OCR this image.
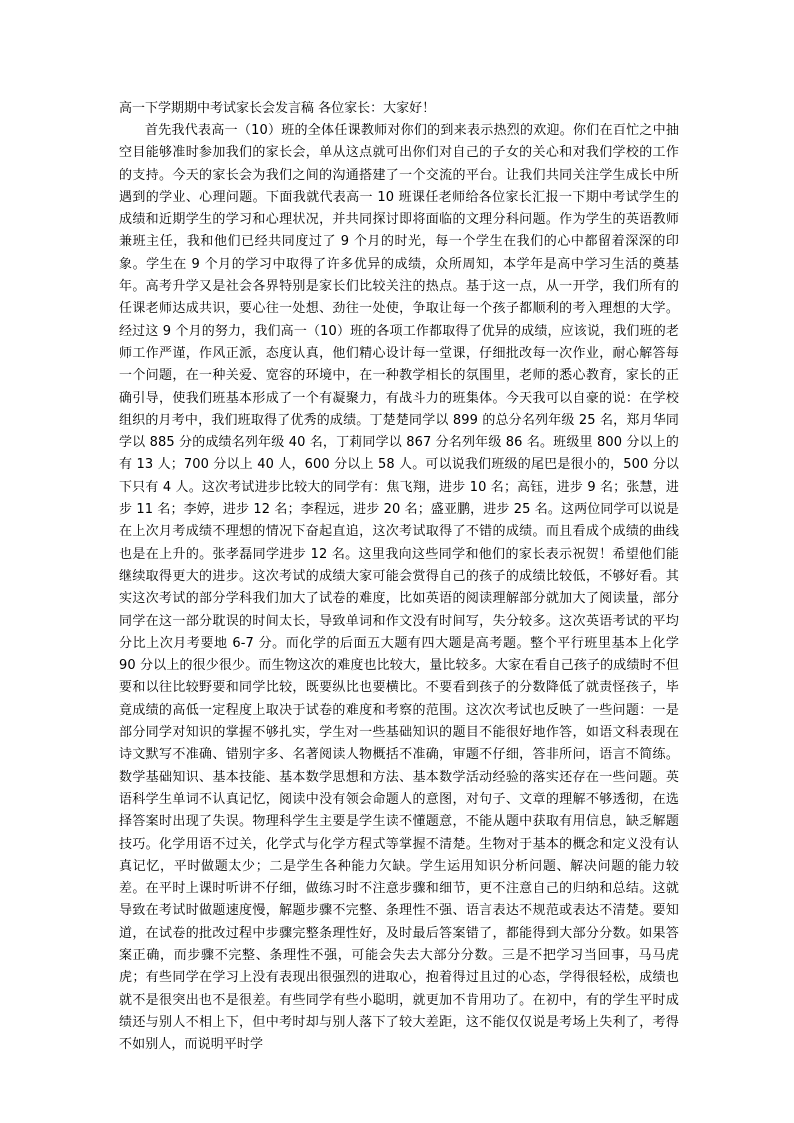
高一下学期期中考试家长会发言稿 各位家长：大家好！

首先我代表高一（10）班的全体任课教师对你们的到来表示热烈的欢迎。你们在百忙之中抽空目能够准时参加我们的家长会，单从这点就可出你们对自己的子女的关心和对我们学校的工作的支持。今天的家长会为我们之间的沟通搭建了一个交流的平台。让我们共同关注学生成长中所遇到的学业、心理问题。下面我就代表高一 10 班课任老师给各位家长汇报一下期中考试学生的成绩和近期学生的学习和心理状况，并共同探讨即将面临的文理分科问题。作为学生的英语教师兼班主任，我和他们已经共同度过了 9 个月的时光，每一个学生在我们的心中都留着深深的印象。学生在 9 个月的学习中取得了许多优异的成绩，众所周知，本学年是高中学习生活的奠基年。高考升学又是社会各界特别是家长们比较关注的热点。基于这一点，从一开学，我们所有的任课老师达成共识，要心往一处想、劲往一处使，争取让每一个孩子都顺利的考入理想的大学。经过这 9 个月的努力，我们高一（10）班的各项工作都取得了优异的成绩，应该说，我们班的老师工作严谨，作风正派，态度认真，他们精心设计每一堂课，仔细批改每一次作业，耐心解答每一个问题，在一种关爱、宽容的环境中，在一种教学相长的氛围里，老师的悉心教育，家长的正确引导，使我们班基本形成了一个有凝聚力，有战斗力的班集体。今天我可以自豪的说：在学校组织的月考中，我们班取得了优秀的成绩。丁楚楚同学以 899 的总分名列年级 25 名，郑月华同学以 885 分的成绩名列年级 40 名，丁莉同学以 867 分名列年级 86 名。班级里 800 分以上的有 13 人；700 分以上 40 人，600 分以上 58 人。可以说我们班级的尾巴是很小的，500 分以下只有 4 人。这次考试进步比较大的同学有：焦飞翔，进步 10 名；高钰，进步 9 名；张慧，进步 11 名；李婷，进步 12 名；李程远，进步 20 名；盛亚鹏，进步 25 名。这两位同学可以说是在上次月考成绩不理想的情况下奋起直追，这次考试取得了不错的成绩。而且看成个成绩的曲线也是在上升的。张孝磊同学进步 12 名。这里我向这些同学和他们的家长表示祝贺！希望他们能继续取得更大的进步。这次考试的成绩大家可能会赏得自己的孩子的成绩比较低，不够好看。其实这次考试的部分学科我们加大了试卷的难度，比如英语的阅读理解部分就加大了阅读量，部分同学在这一部分耽误的时间太长，导致单词和作文没有时间写，失分较多。这次英语考试的平均分比上次月考要地 6-7 分。而化学的后面五大题有四大题是高考题。整个平行班里基本上化学 90 分以上的很少很少。而生物这次的难度也比较大，量比较多。大家在看自己孩子的成绩时不但要和以往比较野要和同学比较，既要纵比也要横比。不要看到孩子的分数降低了就责怪孩子，毕竟成绩的高低一定程度上取决于试卷的难度和考察的范围。这次次考试也反映了一些问题：一是部分同学对知识的掌握不够扎实，学生对一些基础知识的题目不能很好地作答，如语文科表现在诗文默写不准确、错别字多、名著阅读人物概括不准确，审题不仔细，答非所问，语言不简练。数学基础知识、基本技能、基本数学思想和方法、基本数学活动经验的落实还存在一些问题。英语科学生单词不认真记忆，阅读中没有领会命题人的意图，对句子、文章的理解不够透彻，在选择答案时出现了失误。物理科学生主要是学生读不懂题意，不能从题中获取有用信息，缺乏解题技巧。化学用语不过关，化学式与化学方程式等掌握不清楚。生物对于基本的概念和定义没有认真记忆，平时做题太少；二是学生各种能力欠缺。学生运用知识分析问题、解决问题的能力较差。在平时上课时听讲不仔细，做练习时不注意步骤和细节，更不注意自己的归纳和总结。这就导致在考试时做题速度慢，解题步骤不完整、条理性不强、语言表达不规范或表达不清楚。要知道，在试卷的批改过程中步骤完整条理性好，及时最后答案错了，都能得到大部分分数。如果答案正确，而步骤不完整、条理性不强，可能会失去大部分分数。三是不把学习当回事，马马虎虎；有些同学在学习上没有表现出很强烈的进取心，抱着得过且过的心态，学得很轻松，成绩也就不是很突出也不是很差。有些同学有些小聪明，就更加不肯用功了。在初中，有的学生平时成绩还与别人不相上下，但中考时却与别人落下了较大差距，这不能仅仅说是考场上失利了，考得不如别人，而说明平时学
